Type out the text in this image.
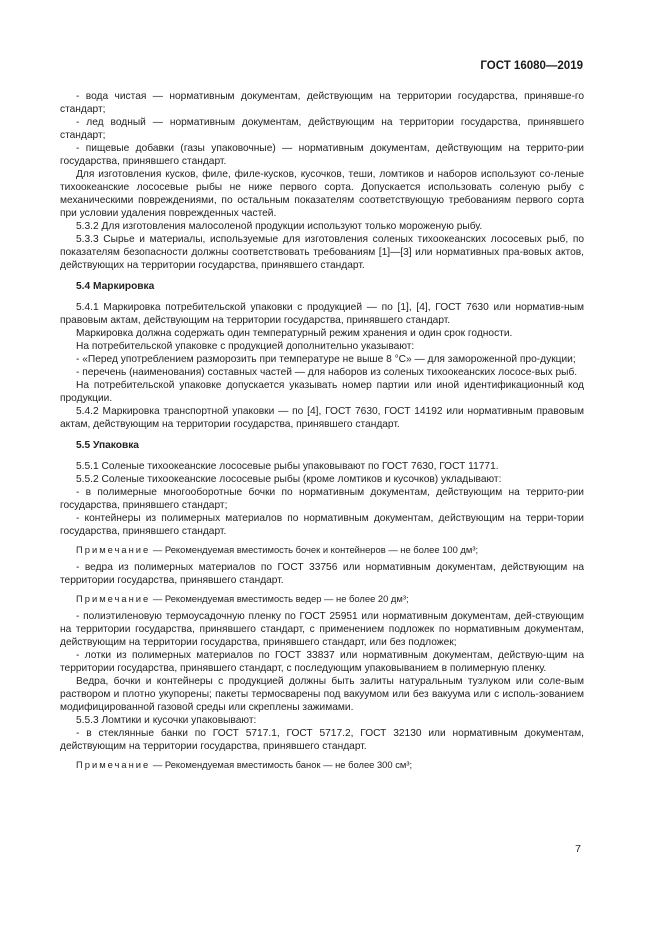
ГОСТ 16080—2019

- вода чистая — нормативным документам, действующим на территории государства, принявше-го стандарт;

- лед водный — нормативным документам, действующим на территории государства, принявшего стандарт;

- пищевые добавки (газы упаковочные) — нормативным документам, действующим на террито-рии государства, принявшего стандарт.

Для изготовления кусков, филе, филе-кусков, кусочков, теши, ломтиков и наборов используют со-леные тихоокеанские лососевые рыбы не ниже первого сорта. Допускается использовать соленую рыбу с механическими повреждениями, по остальным показателям соответствующую требованиям первого сорта при условии удаления поврежденных частей.

5.3.2 Для изготовления малосоленой продукции используют только мороженую рыбу.

5.3.3 Сырье и материалы, используемые для изготовления соленых тихоокеанских лососевых рыб, по показателям безопасности должны соответствовать требованиям [1]—[3] или нормативных пра-вовых актов, действующих на территории государства, принявшего стандарт.

5.4 Маркировка

5.4.1 Маркировка потребительской упаковки с продукцией — по [1], [4], ГОСТ 7630 или норматив-ным правовым актам, действующим на территории государства, принявшего стандарт.

Маркировка должна содержать один температурный режим хранения и один срок годности.

На потребительской упаковке с продукцией дополнительно указывают:

- «Перед употреблением разморозить при температуре не выше 8 °С» — для замороженной про-дукции;

- перечень (наименования) составных частей — для наборов из соленых тихоокеанских лососе-вых рыб.

На потребительской упаковке допускается указывать номер партии или иной идентификационный код продукции.

5.4.2 Маркировка транспортной упаковки — по [4], ГОСТ 7630, ГОСТ 14192 или нормативным правовым актам, действующим на территории государства, принявшего стандарт.

5.5 Упаковка

5.5.1 Соленые тихоокеанские лососевые рыбы упаковывают по ГОСТ 7630, ГОСТ 11771.

5.5.2 Соленые тихоокеанские лососевые рыбы (кроме ломтиков и кусочков) укладывают:

- в полимерные многооборотные бочки по нормативным документам, действующим на террито-рии государства, принявшего стандарт;

- контейнеры из полимерных материалов по нормативным документам, действующим на терри-тории государства, принявшего стандарт.

Примечание — Рекомендуемая вместимость бочек и контейнеров — не более 100 дм³;

- ведра из полимерных материалов по ГОСТ 33756 или нормативным документам, действующим на территории государства, принявшего стандарт.

Примечание — Рекомендуемая вместимость ведер — не более 20 дм³;

- полиэтиленовую термоусадочную пленку по ГОСТ 25951 или нормативным документам, дей-ствующим на территории государства, принявшего стандарт, с применением подложек по нормативным документам, действующим на территории государства, принявшего стандарт, или без подложек;

- лотки из полимерных материалов по ГОСТ 33837 или нормативным документам, действую-щим на территории государства, принявшего стандарт, с последующим упаковыванием в полимерную пленку.

Ведра, бочки и контейнеры с продукцией должны быть залиты натуральным тузлуком или соле-вым раствором и плотно укупорены; пакеты термосварены под вакуумом или без вакуума или с исполь-зованием модифицированной газовой среды или скреплены зажимами.

5.5.3 Ломтики и кусочки упаковывают:

- в стеклянные банки по ГОСТ 5717.1, ГОСТ 5717.2, ГОСТ 32130 или нормативным документам, действующим на территории государства, принявшего стандарт.

Примечание — Рекомендуемая вместимость банок — не более 300 см³;

7
